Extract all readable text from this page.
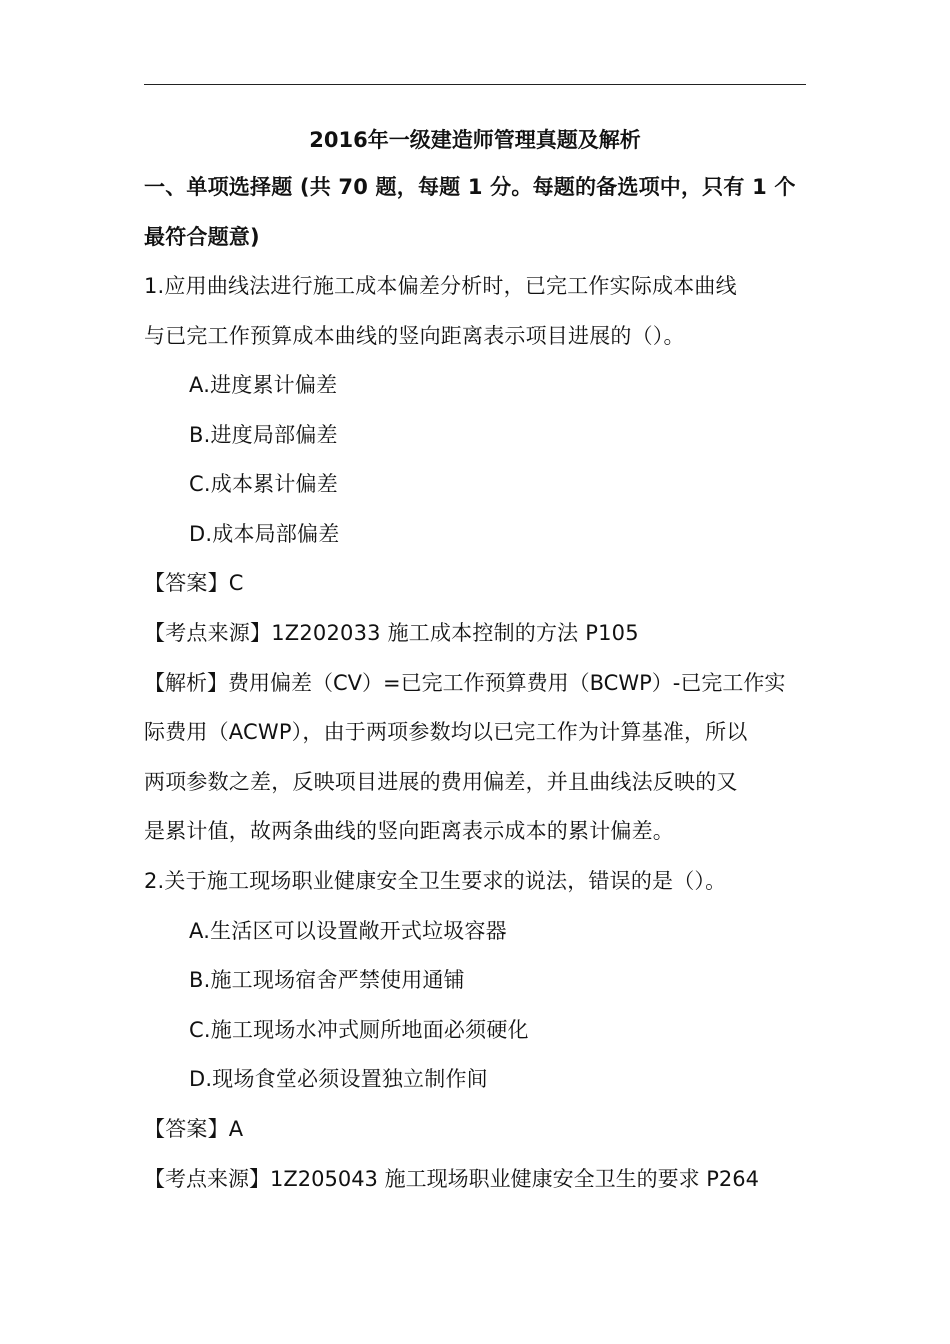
2016年一级建造师管理真题及解析
一、单项选择题 (共 70 题，每题 1 分。每题的备选项中，只有 1 个
最符合题意)
1.应用曲线法进行施工成本偏差分析时，已完工作实际成本曲线
与已完工作预算成本曲线的竖向距离表示项目进展的（）。
A.进度累计偏差
B.进度局部偏差
C.成本累计偏差
D.成本局部偏差
【答案】C
【考点来源】1Z202033 施工成本控制的方法 P105
【解析】费用偏差（CV）=已完工作预算费用（BCWP）-已完工作实
际费用（ACWP），由于两项参数均以已完工作为计算基准，所以
两项参数之差，反映项目进展的费用偏差，并且曲线法反映的又
是累计值，故两条曲线的竖向距离表示成本的累计偏差。
2.关于施工现场职业健康安全卫生要求的说法，错误的是（）。
A.生活区可以设置敞开式垃圾容器
B.施工现场宿舍严禁使用通铺
C.施工现场水冲式厕所地面必须硬化
D.现场食堂必须设置独立制作间
【答案】A
【考点来源】1Z205043 施工现场职业健康安全卫生的要求 P264
